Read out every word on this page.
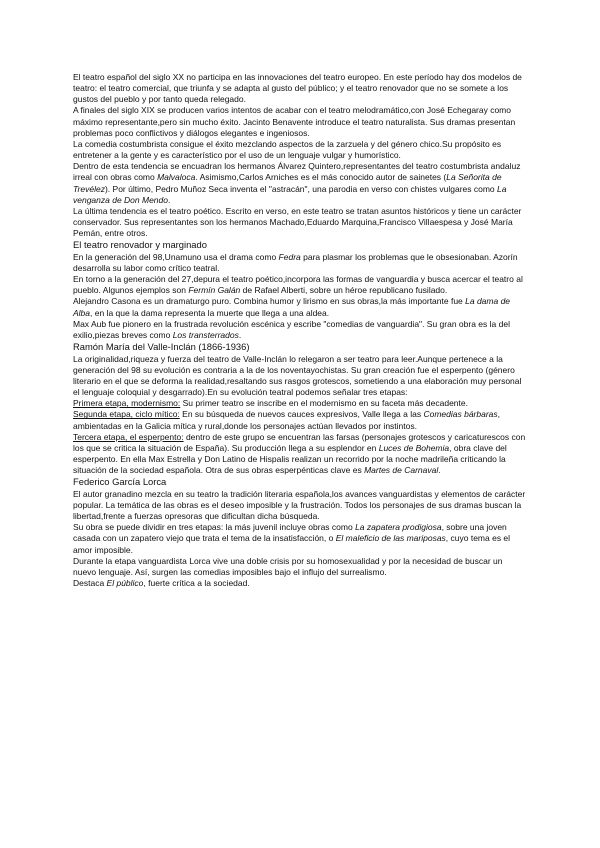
El teatro español del siglo XX no participa en las innovaciones del teatro europeo. En este período hay dos modelos de teatro: el teatro comercial, que triunfa y se adapta al gusto del público; y el teatro renovador que no se somete a los gustos del pueblo y por tanto queda relegado.

A finales del siglo XIX se producen varios intentos de acabar con el teatro melodramático,con José Echegaray como máximo representante,pero sin mucho éxito. Jacinto Benavente introduce el teatro naturalista. Sus dramas presentan problemas poco conflictivos y diálogos elegantes e ingeniosos.

La comedia costumbrista consigue el éxito mezclando aspectos de la zarzuela y del género chico.Su propósito es entretener a la gente y es característico por el uso de un lenguaje vulgar y humorístico.

Dentro de esta tendencia se encuadran los hermanos Álvarez Quintero,representantes del teatro costumbrista andaluz irreal con obras como Malvaloca. Asimismo,Carlos Arniches es el más conocido autor de sainetes (La Señorita de Trevélez). Por último, Pedro Muñoz Seca inventa el "astracán", una parodia en verso con chistes vulgares como La venganza de Don Mendo.

La última tendencia es el teatro poético. Escrito en verso, en este teatro se tratan asuntos históricos y tiene un carácter conservador. Sus representantes son los hermanos Machado,Eduardo Marquina,Francisco Villaespesa y José María Pemán, entre otros.

El teatro renovador y marginado

En la generación del 98,Unamuno usa el drama como Fedra para plasmar los problemas que le obsesionaban. Azorín desarrolla su labor como crítico teatral.

En torno a la generación del 27,depura el teatro poético,incorpora las formas de vanguardia y busca acercar el teatro al pueblo. Algunos ejemplos son Fermín Galán de Rafael Alberti, sobre un héroe republicano fusilado.

Alejandro Casona es un dramaturgo puro. Combina humor y lirismo en sus obras,la más importante fue La dama de Alba, en la que la dama representa la muerte que llega a una aldea.

Max Aub fue pionero en la frustrada revolución escénica y escribe "comedias de vanguardia". Su gran obra es la del exilio,piezas breves como Los transterrados.

Ramón María del Valle-Inclán (1866-1936)

La originalidad,riqueza y fuerza del teatro de Valle-Inclán lo relegaron a ser teatro para leer.Aunque pertenece a la generación del 98 su evolución es contraria a la de los noventayochistas. Su gran creación fue el esperpento (género literario en el que se deforma la realidad,resaltando sus rasgos grotescos, sometiendo a una elaboración muy personal el lenguaje coloquial y desgarrado).En su evolución teatral podemos señalar tres etapas:

Primera etapa, modernismo: Su primer teatro se inscribe en el modernismo en su faceta más decadente.

Segunda etapa, ciclo mítico: En su búsqueda de nuevos cauces expresivos, Valle llega a las Comedias bárbaras, ambientadas en la Galicia mítica y rural,donde los personajes actúan llevados por instintos.

Tercera etapa, el esperpento: dentro de este grupo se encuentran las farsas (personajes grotescos y caricaturescos con los que se critica la situación de España). Su producción llega a su esplendor en Luces de Bohemia, obra clave del esperpento. En ella Max Estrella y Don Latino de Hispalis realizan un recorrido por la noche madrileña criticando la situación de la sociedad española. Otra de sus obras esperpénticas clave es Martes de Carnaval.

Federico García Lorca

El autor granadino mezcla en su teatro la tradición literaria española,los avances vanguardistas y elementos de carácter popular. La temática de las obras es el deseo imposible y la frustración. Todos los personajes de sus dramas buscan la libertad,frente a fuerzas opresoras que dificultan dicha búsqueda.

Su obra se puede dividir en tres etapas: la más juvenil incluye obras como La zapatera prodigiosa, sobre una joven casada con un zapatero viejo que trata el tema de la insatisfacción, o El maleficio de las mariposas, cuyo tema es el amor imposible.

Durante la etapa vanguardista Lorca vive una doble crisis por su homosexualidad y por la necesidad de buscar un nuevo lenguaje. Así, surgen las comedias imposibles bajo el influjo del surrealismo.

Destaca El público, fuerte crítica a la sociedad.
